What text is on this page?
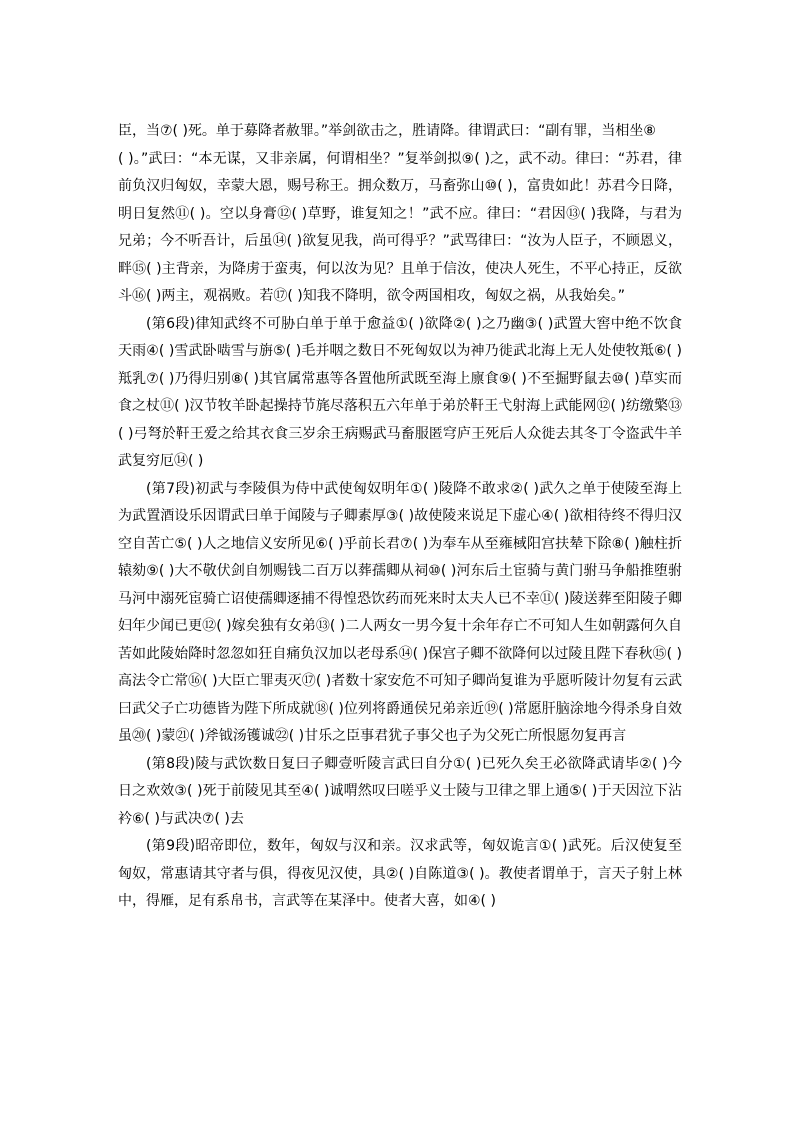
臣，当⑦( )死。单于募降者赦罪。”举剑欲击之，胜请降。律谓武曰：“副有罪，当相坐⑧

( )。”武曰：“本无谋，又非亲属，何谓相坐？”复举剑拟⑨( )之，武不动。律曰：“苏君，律前负汉归匈奴，幸蒙大恩，赐号称王。拥众数万，马畜弥山⑩( )，富贵如此！苏君今日降，明日复然⑪( )。空以身膏⑫( )草野，谁复知之！”武不应。律曰：“君因⑬( )我降，与君为兄弟；今不听吾计，后虽⑭( )欲复见我，尚可得乎？”武骂律曰：“汝为人臣子，不顾恩义，畔⑮( )主背亲，为降虏于蛮夷，何以汝为见？且单于信汝，使决人死生，不平心持正，反欲斗⑯( )两主，观祸败。若⑰( )知我不降明，欲令两国相攻，匈奴之祸，从我始矣。”

(第6段)律知武终不可胁白单于单于愈益①( )欲降②( )之乃幽③( )武置大窖中绝不饮食天雨④( )雪武卧啮雪与旃⑤( )毛并咽之数日不死匈奴以为神乃徙武北海上无人处使牧羝⑥( )羝乳⑦( )乃得归别⑧( )其官属常惠等各置他所武既至海上廪食⑨( )不至掘野鼠去⑩( )草实而食之杖⑪( )汉节牧羊卧起操持节旄尽落积五六年单于弟於靬王弋射海上武能网⑫( )纺缴檠⑬( )弓弩於靬王爱之给其衣食三岁余王病赐武马畜服匿穹庐王死后人众徙去其冬丁令盗武牛羊武复穷厄⑭( )

(第7段)初武与李陵俱为侍中武使匈奴明年①( )陵降不敢求②( )武久之单于使陵至海上为武置酒设乐因谓武曰单于闻陵与子卿素厚③( )故使陵来说足下虚心④( )欲相待终不得归汉空自苦亡⑤( )人之地信义安所见⑥( )乎前长君⑦( )为奉车从至雍棫阳宫扶辇下除⑧( )触柱折辕劾⑨( )大不敬伏剑自刎赐钱二百万以葬孺卿从祠⑩( )河东后土宦骑与黄门驸马争船推堕驸马河中溺死宦骑亡诏使孺卿逐捕不得惶恐饮药而死来时太夫人已不幸⑪( )陵送葬至阳陵子卿妇年少闻已更⑫( )嫁矣独有女弟⑬( )二人两女一男今复十余年存亡不可知人生如朝露何久自苦如此陵始降时忽忽如狂自痛负汉加以老母系⑭( )保宫子卿不欲降何以过陵且陛下春秋⑮( )高法令亡常⑯( )大臣亡罪夷灭⑰( )者数十家安危不可知子卿尚复谁为乎愿听陵计勿复有云武曰武父子亡功德皆为陛下所成就⑱( )位列将爵通侯兄弟亲近⑲( )常愿肝脑涂地今得杀身自效虽⑳( )蒙㉑( )斧钺汤镬诚㉒( )甘乐之臣事君犹子事父也子为父死亡所恨愿勿复再言

(第8段)陵与武饮数日复曰子卿壹听陵言武曰自分①( )已死久矣王必欲降武请毕②( )今日之欢效③( )死于前陵见其至④( )诚喟然叹曰嗟乎义士陵与卫律之罪上通⑤( )于天因泣下沾衿⑥( )与武决⑦( )去

(第9段)昭帝即位，数年，匈奴与汉和亲。汉求武等，匈奴诡言①( )武死。后汉使复至匈奴，常惠请其守者与俱，得夜见汉使，具②( )自陈道③( )。教使者谓单于，言天子射上林中，得雁，足有系帛书，言武等在某泽中。使者大喜，如④( )
